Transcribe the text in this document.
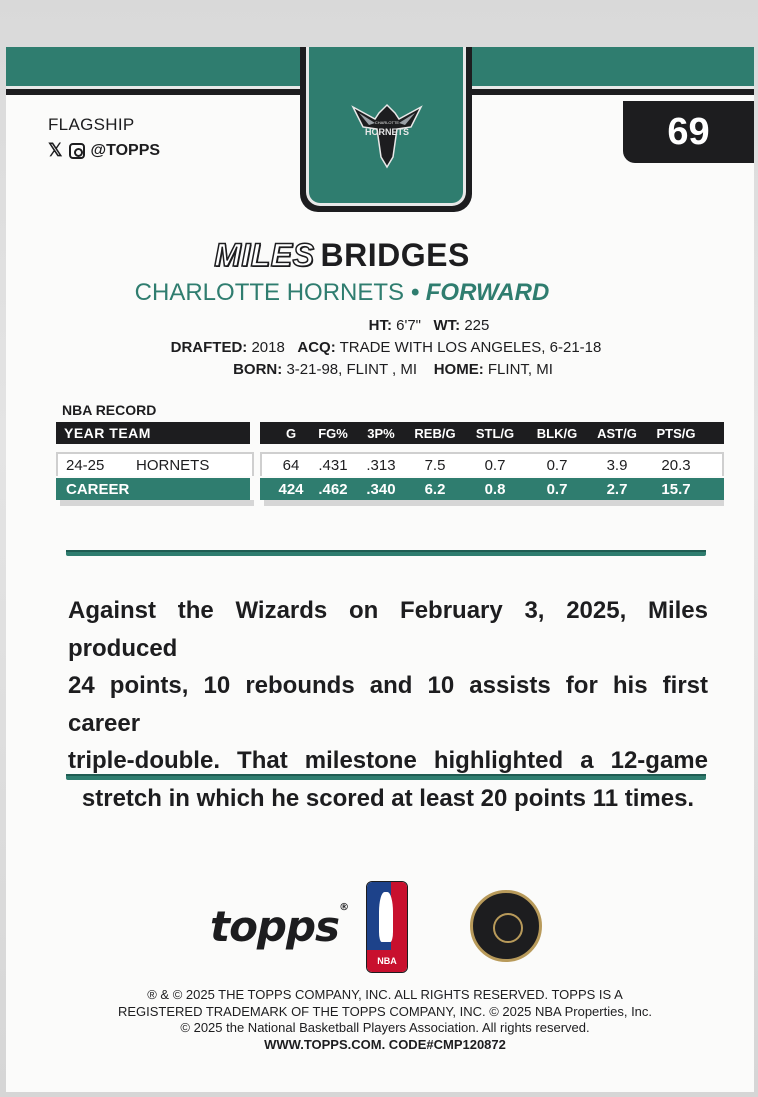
CHARLOTTE
HORNETS	69
FLAGSHIP
𝕏 @TOPPS
MILES BRIDGES
CHARLOTTE HORNETS • FORWARD
HT: 6'7" WT: 225
DRAFTED: 2018 ACQ: TRADE WITH LOS ANGELES, 6-21-18
BORN: 3-21-98, FLINT , MI HOME: FLINT, MI
NBA RECORD
YEAR TEAM	G	FG%	3P%	REB/G	STL/G	BLK/G	AST/G	PTS/G
24-25	HORNETS	64	.431	.313	7.5	0.7	0.7	3.9	20.3
CAREER	424 .462	.340	6.2	0.8	0.7	2.7	15.7
Against the Wizards on February 3, 2025, Miles produced
24 points, 10 rebounds and 10 assists for his first career
triple-double. That milestone highlighted a 12-game
stretch in which he scored at least 20 points 11 times.
topps®
NBA
® & © 2025 THE TOPPS COMPANY, INC. ALL RIGHTS RESERVED. TOPPS IS A
REGISTERED TRADEMARK OF THE TOPPS COMPANY, INC. © 2025 NBA Properties, Inc.
© 2025 the National Basketball Players Association. All rights reserved.
WWW.TOPPS.COM. CODE#CMP120872
